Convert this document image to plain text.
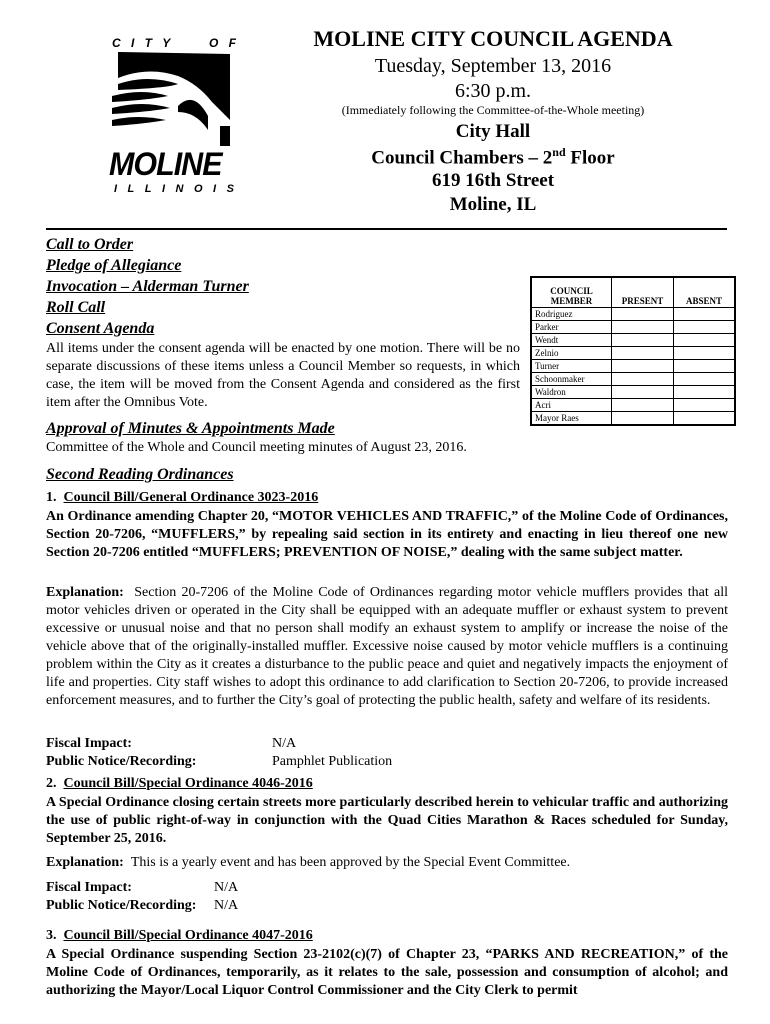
C I T Y	O F
MOLINE
I L L I N O I S
MOLINE CITY COUNCIL AGENDA
Tuesday, September 13, 2016
6:30 p.m.
(Immediately following the Committee-of-the-Whole meeting)
City Hall
Council Chambers – 2nd Floor
619 16th Street
Moline, IL
Call to Order
Pledge of Allegiance
Invocation – Alderman Turner
Roll Call
Consent Agenda
All items under the consent agenda will be enacted by one motion. There will be no separate discussions of these items unless a Council Member so requests, in which case, the item will be moved from the Consent Agenda and considered as the first item after the Omnibus Vote.
COUNCIL MEMBER	PRESENT	ABSENT
Rodriguez		
Parker		
Wendt		
Zelnio		
Turner		
Schoonmaker		
Waldron		
Acri		
Mayor Raes		
Approval of Minutes & Appointments Made
Committee of the Whole and Council meeting minutes of August 23, 2016.
Second Reading Ordinances
1. Council Bill/General Ordinance 3023-2016
An Ordinance amending Chapter 20, “MOTOR VEHICLES AND TRAFFIC,” of the Moline Code of Ordinances, Section 20-7206, “MUFFLERS,” by repealing said section in its entirety and enacting in lieu thereof one new Section 20-7206 entitled “MUFFLERS; PREVENTION OF NOISE,” dealing with the same subject matter.
Explanation: Section 20-7206 of the Moline Code of Ordinances regarding motor vehicle mufflers provides that all motor vehicles driven or operated in the City shall be equipped with an adequate muffler or exhaust system to prevent excessive or unusual noise and that no person shall modify an exhaust system to amplify or increase the noise of the vehicle above that of the originally-installed muffler. Excessive noise caused by motor vehicle mufflers is a continuing problem within the City as it creates a disturbance to the public peace and quiet and negatively impacts the enjoyment of life and properties. City staff wishes to adopt this ordinance to add clarification to Section 20-7206, to provide increased enforcement measures, and to further the City’s goal of protecting the public health, safety and welfare of its residents.
Fiscal Impact:	N/A
Public Notice/Recording:	Pamphlet Publication
2. Council Bill/Special Ordinance 4046-2016
A Special Ordinance closing certain streets more particularly described herein to vehicular traffic and authorizing the use of public right-of-way in conjunction with the Quad Cities Marathon & Races scheduled for Sunday, September 25, 2016.
Explanation: This is a yearly event and has been approved by the Special Event Committee.
Fiscal Impact:	N/A
Public Notice/Recording: N/A
3. Council Bill/Special Ordinance 4047-2016
A Special Ordinance suspending Section 23-2102(c)(7) of Chapter 23, “PARKS AND RECREATION,” of the Moline Code of Ordinances, temporarily, as it relates to the sale, possession and consumption of alcohol; and authorizing the Mayor/Local Liquor Control Commissioner and the City Clerk to permit
